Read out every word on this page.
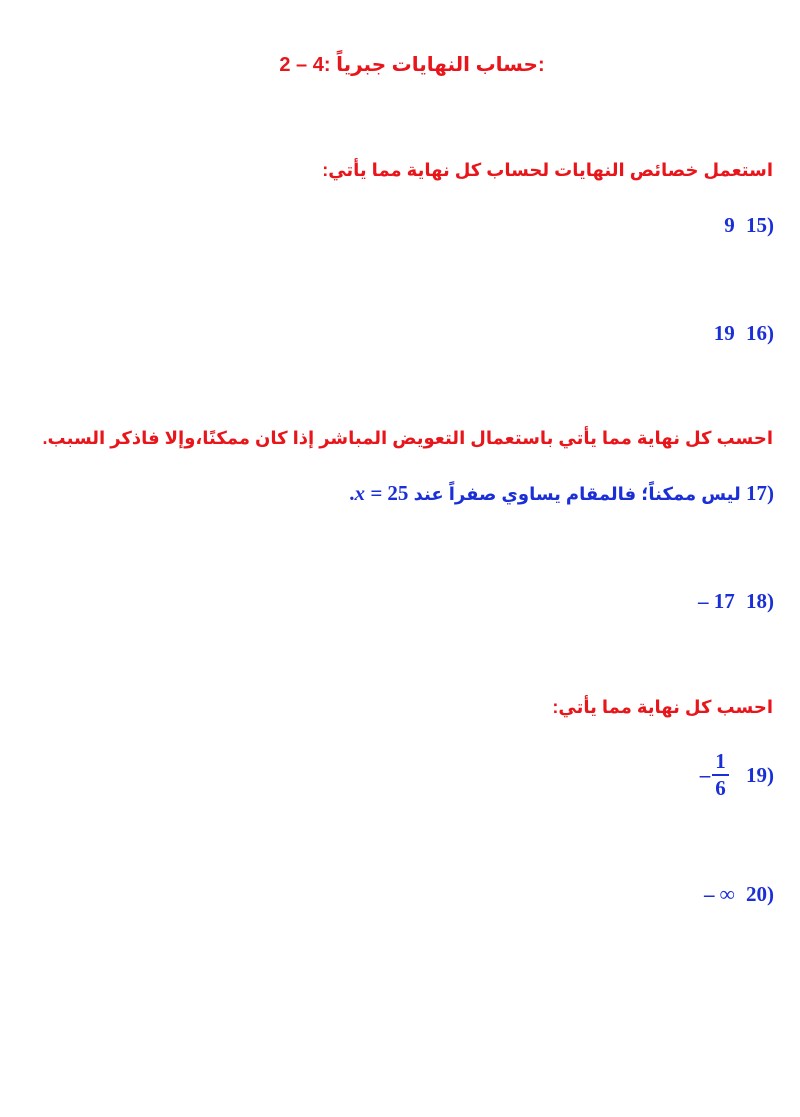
2 – 4: حساب النهايات جبرياً:
استعمل خصائص النهايات لحساب كل نهاية مما يأتي:
9 15)
19 16)
احسب كل نهاية مما يأتي باستعمال التعويض المباشر إذا كان ممكنًا،وإلا فاذكر السبب.
.x = 25 ليس ممكناً؛ فالمقام يساوي صفراً عند 17)
– 17 18)
احسب كل نهاية مما يأتي:
– $\frac{1}{6} 19$)
– ∞ 20)
